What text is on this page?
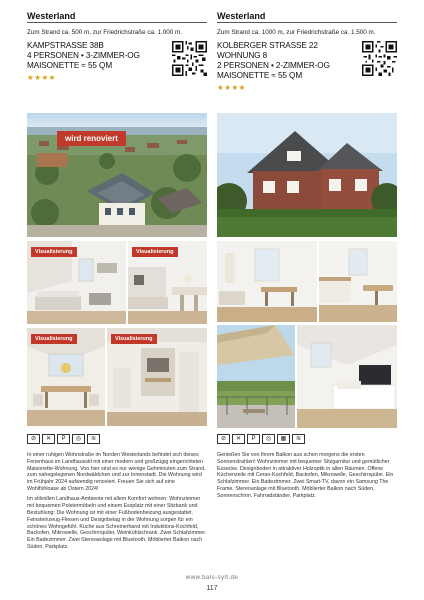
Westerland
Zum Strand ca. 500 m, zur Friedrichstraße ca. 1.000 m.
KAMPSTRASSE 38B
4 PERSONEN • 3-ZIMMER-OG
MAISONETTE ≈ 55 QM
★★★★
Westerland
Zum Strand ca. 1000 m, zur Friedrichstraße ca. 1.500 m.
KOLBERGER STRASSE 22
WOHNUNG 8
2 PERSONEN • 2-ZIMMER-OG
MAISONETTE ≈ 55 QM
★★★★
wird renoviert
Visualisierung	Visualisierung
Visualisierung	Visualisierung
⊘	✕	P	◎	≋	⊘	✕	P	◎	▦	≋

In einer ruhigen Wohnstraße im Norden Westerlands befindet sich dieses Ferienhaus im Landhausstil mit einer modern und großzügig eingerichteten Maisonette-Wohnung. Von hier sind es nur wenige Gehminuten zum Strand, zum nahegelegenen Nordwäldchen und zur Innenstadt. Die Wohnung wird im Frühjahr 2024 aufwendig renoviert. Freuen Sie sich auf eine Wohlfühloase ab Ostern 2024!

Im stilvollen Landhaus-Ambiente mit allem Komfort wohnen: Wohnzimmer mit bequemen Polstermöbeln und einem Essplatz mit einer Sitzbank und Bestuhlung: Die Wohnung ist mit einer Fußbodenheizung ausgestattet. Feinsteinzeug-Fliesen und Designbelag in der Wohnung sorgen für ein schönes Wohngefühl. Küche aus Schreinerhand mit Induktions-Kochfeld, Backofen, Mikrowelle, Geschirrspüler, Weinkühlschrank. Zwei Schlafzimmer. Ein Badezimmer. Zwei Stereoanlage mit Bluetooth. Möblierter Balkon nach Süden. Parkplatz.

Genießen Sie von Ihrem Balkon aus schon morgens die ersten Sonnenstrahlen! Wohnzimmer mit bequemer Sitzgarnitur und gemütlicher Essecke. Designboden in attraktiver Holzoptik in allen Räumen. Offene Küchenzeile mit Ceran-Kochfeld, Backofen, Mikrowelle, Geschirrspüler. Ein Schlafzimmer. Ein Badezimmer. Zwei Smart-TV, davon ein Samsung The Frame, Stereoanlage mit Bluetooth. Möblierter Balkon nach Süden, Sonnenschirm. Fahrradständer. Parkplatz.

www.bals-sylt.de
117
